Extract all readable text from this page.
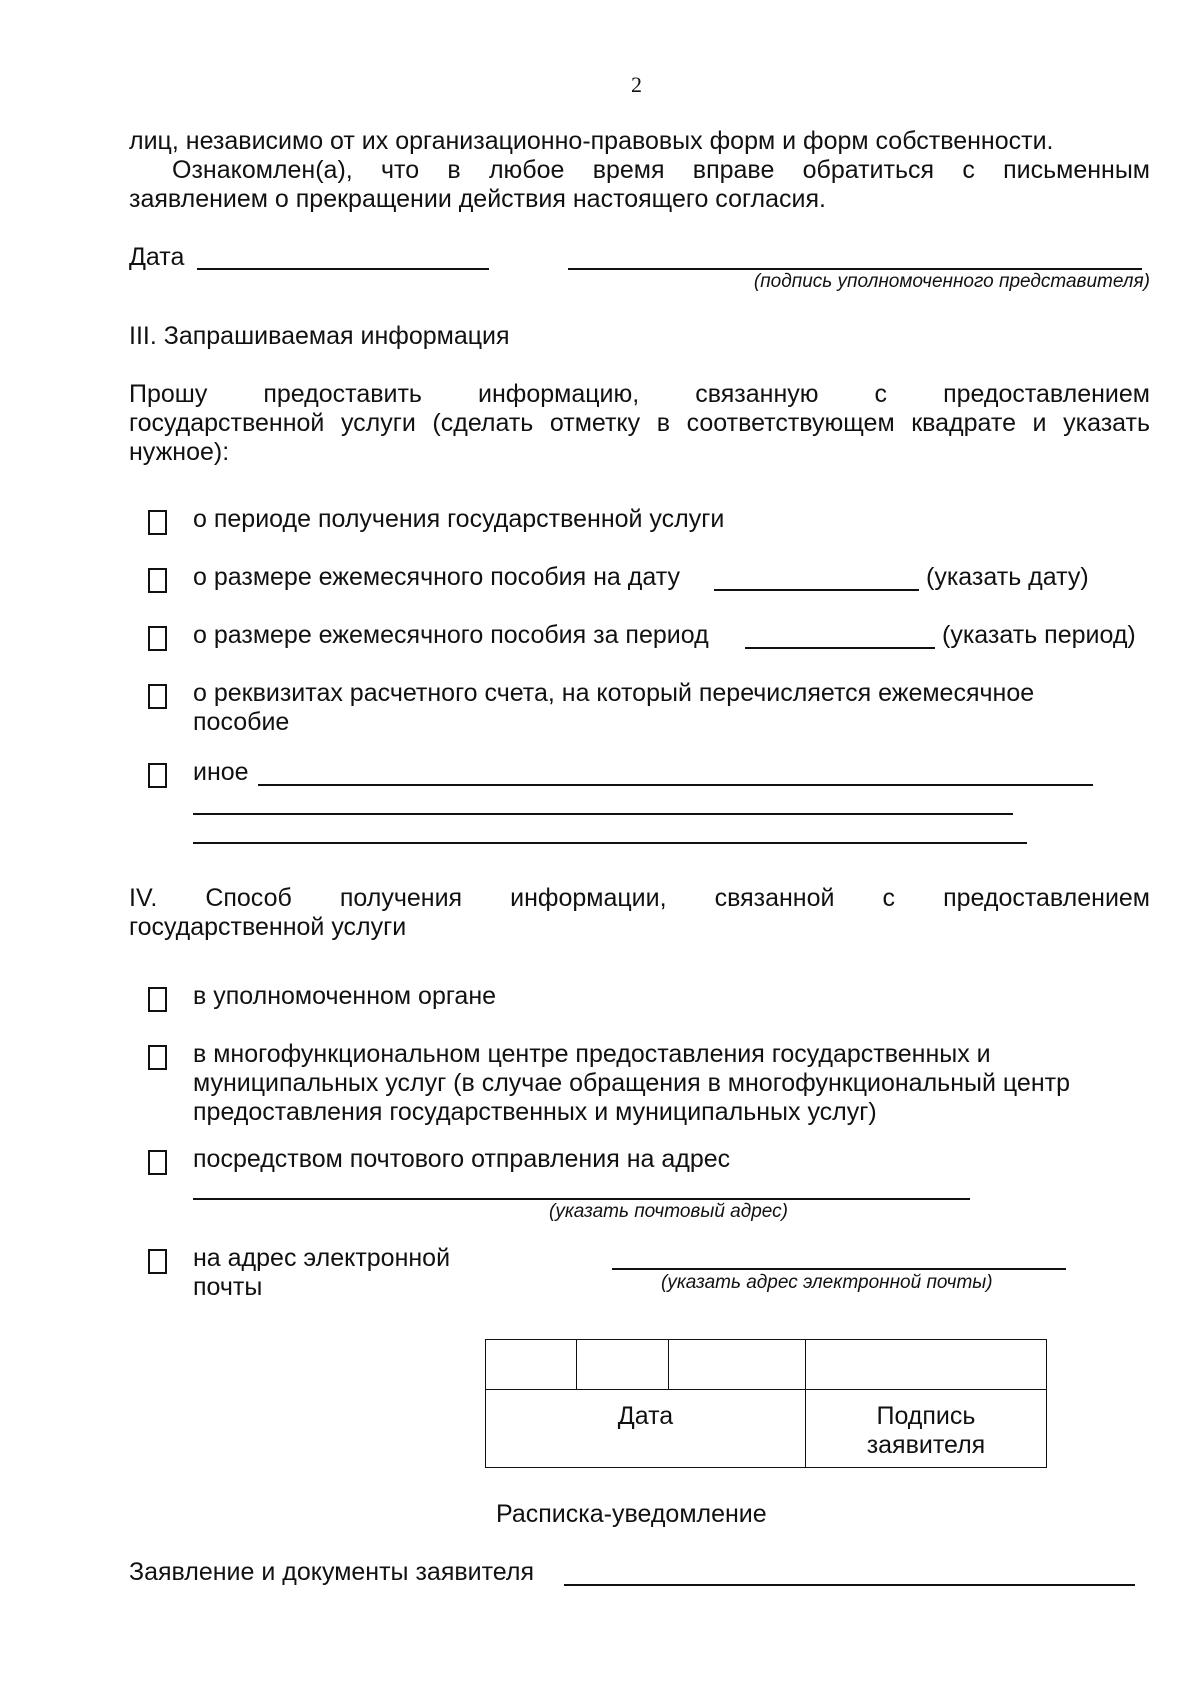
2
лиц, независимо от их организационно-правовых форм и форм собственности.
Ознакомлен(а), что в любое время вправе обратиться с письменным
заявлением о прекращении действия настоящего согласия.
Дата
(подпись уполномоченного представителя)
III. Запрашиваемая информация
Прошу предоставить информацию, связанную с предоставлением
государственной услуги (сделать отметку в соответствующем квадрате и указать
нужное):
о периоде получения государственной услуги
о размере ежемесячного пособия на дату	(указать дату)
о размере ежемесячного пособия за период	(указать период)
о реквизитах расчетного счета, на который перечисляется ежемесячное
пособие
иное
IV. Способ получения информации, связанной с предоставлением
государственной услуги
в уполномоченном органе
в многофункциональном центре предоставления государственных и
муниципальных услуг (в случае обращения в многофункциональный центр
предоставления государственных и муниципальных услуг)
посредством почтового отправления на адрес
(указать почтовый адрес)
на адрес электронной
почты	(указать адрес электронной почты)

Дата			Подпись
заявителя
Расписка-уведомление
Заявление и документы заявителя
